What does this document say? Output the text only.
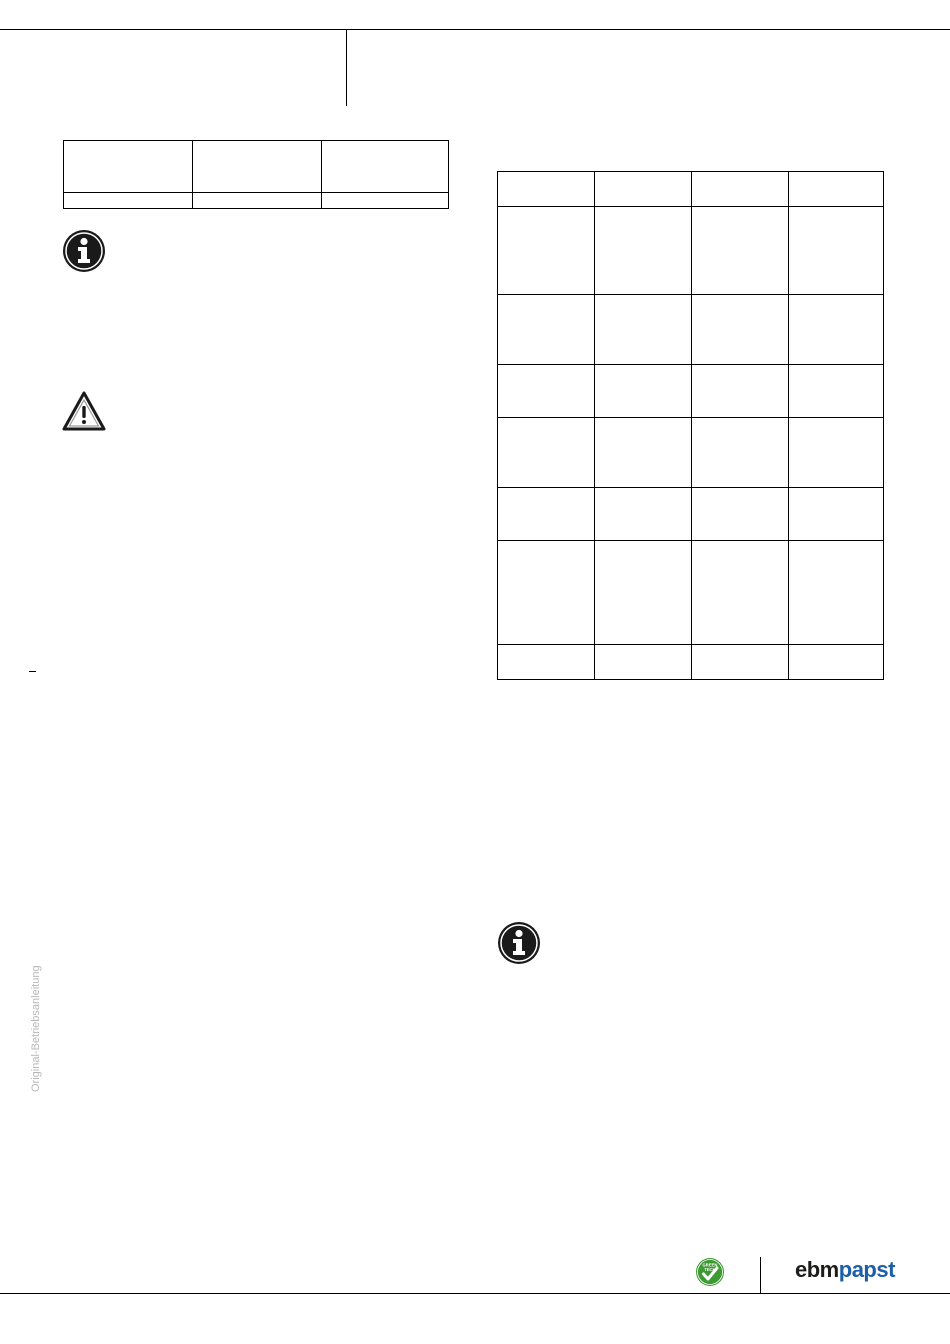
Original-Betriebsanleitung
GREEN
TECH	ebmpapst
